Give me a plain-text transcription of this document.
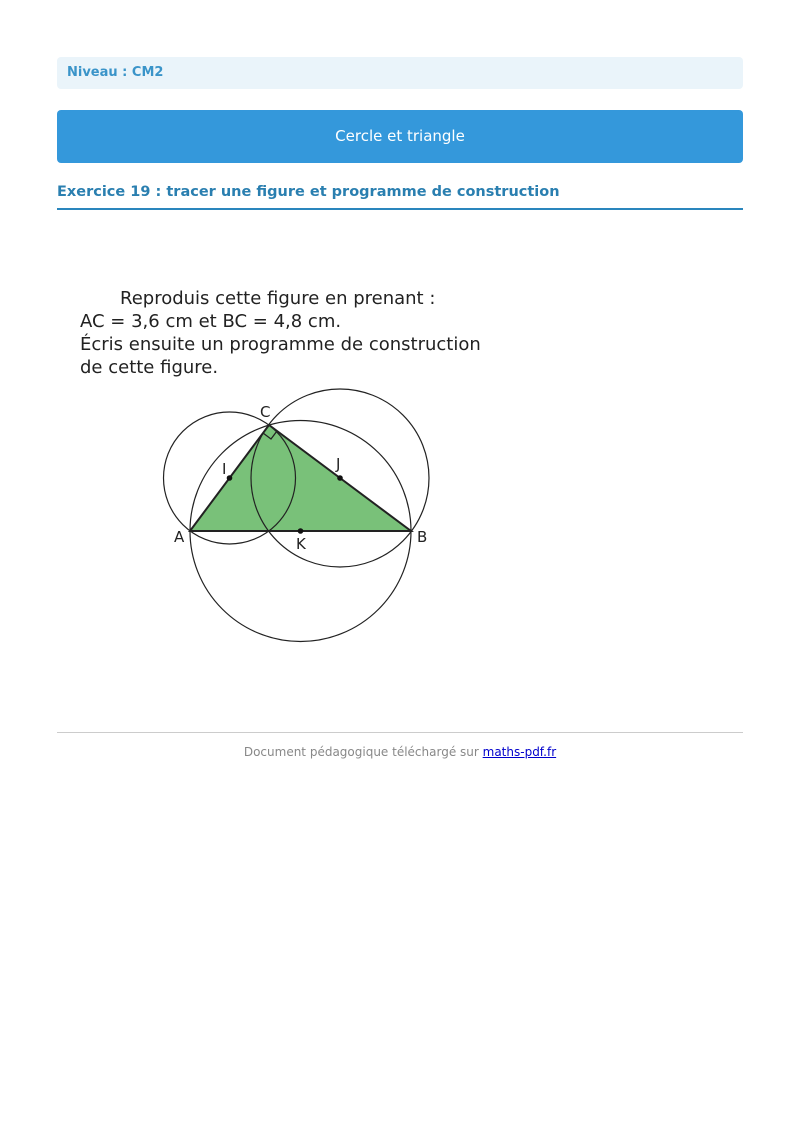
Niveau : CM2
Cercle et triangle
Exercice 19 : tracer une figure et programme de construction

Reproduis cette figure en prenant :

AC = 3,6 cm et BC = 4,8 cm.

Écris ensuite un programme de construction

de cette figure.

A	B
C
I	J
K
Document pédagogique téléchargé sur maths-pdf.fr
